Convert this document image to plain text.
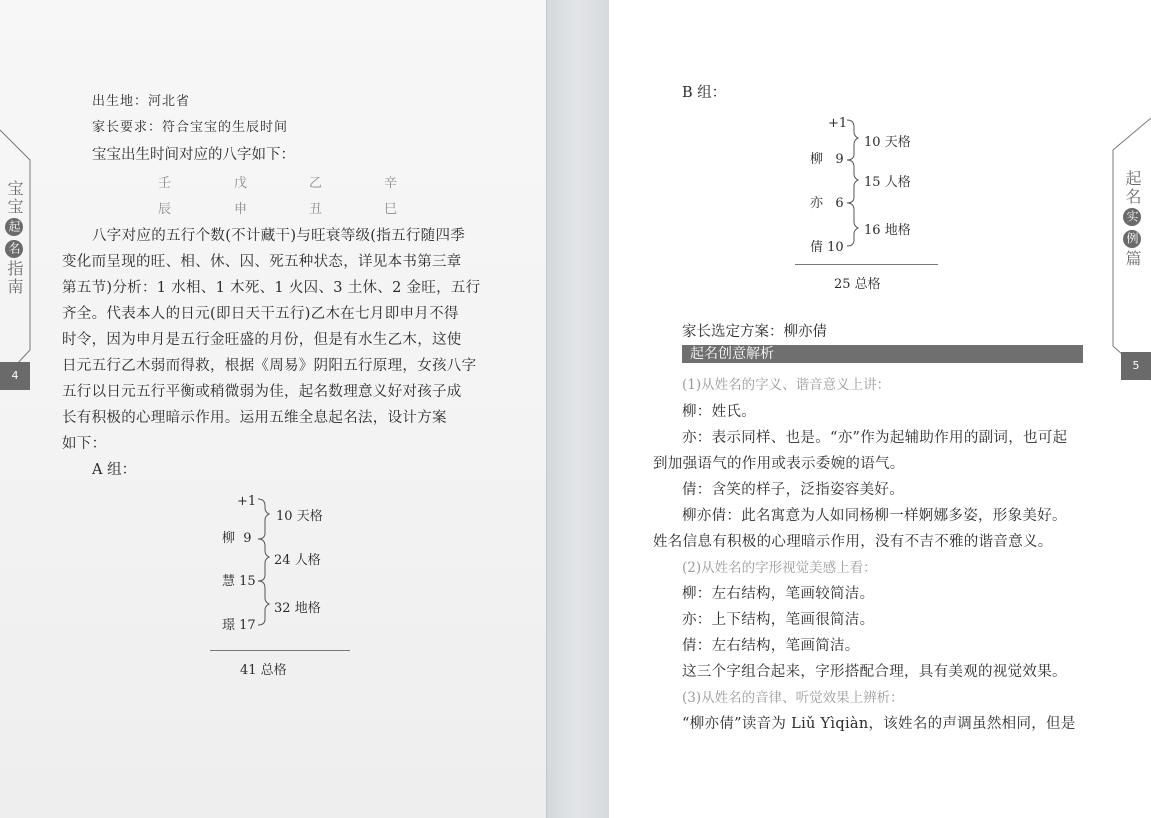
宝宝起名指南
4
出生地：河北省
家长要求：符合宝宝的生辰时间
宝宝出生时间对应的八字如下：
壬	戊	乙	辛
辰	申	丑	巳
八字对应的五行个数(不计藏干)与旺衰等级(指五行随四季
变化而呈现的旺、相、休、囚、死五种状态，详见本书第三章
第五节)分析：1 水相、1 木死、1 火囚、3 土休、2 金旺，五行
齐全。代表本人的日元(即日天干五行)乙木在七月即申月不得
时令，因为申月是五行金旺盛的月份，但是有水生乙木，这使
日元五行乙木弱而得救，根据《周易》阴阳五行原理，女孩八字
五行以日元五行平衡或稍微弱为佳，起名数理意义好对孩子成
长有积极的心理暗示作用。运用五维全息起名法，设计方案
如下：
A 组：
+1
柳 9
慧 15
璟 17
10 天格
24 人格
32 地格
41 总格
起名实例篇
5
B 组：
+1
柳 9
亦 6
倩 10
10 天格
15 人格
16 地格
25 总格
家长选定方案：柳亦倩
起名创意解析
(1)从姓名的字义、谐音意义上讲：
柳：姓氏。
亦：表示同样、也是。“亦”作为起辅助作用的副词，也可起
到加强语气的作用或表示委婉的语气。
倩：含笑的样子，泛指姿容美好。
柳亦倩：此名寓意为人如同杨柳一样婀娜多姿，形象美好。
姓名信息有积极的心理暗示作用，没有不吉不雅的谐音意义。
(2)从姓名的字形视觉美感上看：
柳：左右结构，笔画较简洁。
亦：上下结构，笔画很简洁。
倩：左右结构，笔画简洁。
这三个字组合起来，字形搭配合理，具有美观的视觉效果。
(3)从姓名的音律、听觉效果上辨析：
“柳亦倩”读音为 Liǔ Yìqiàn，该姓名的声调虽然相同，但是
